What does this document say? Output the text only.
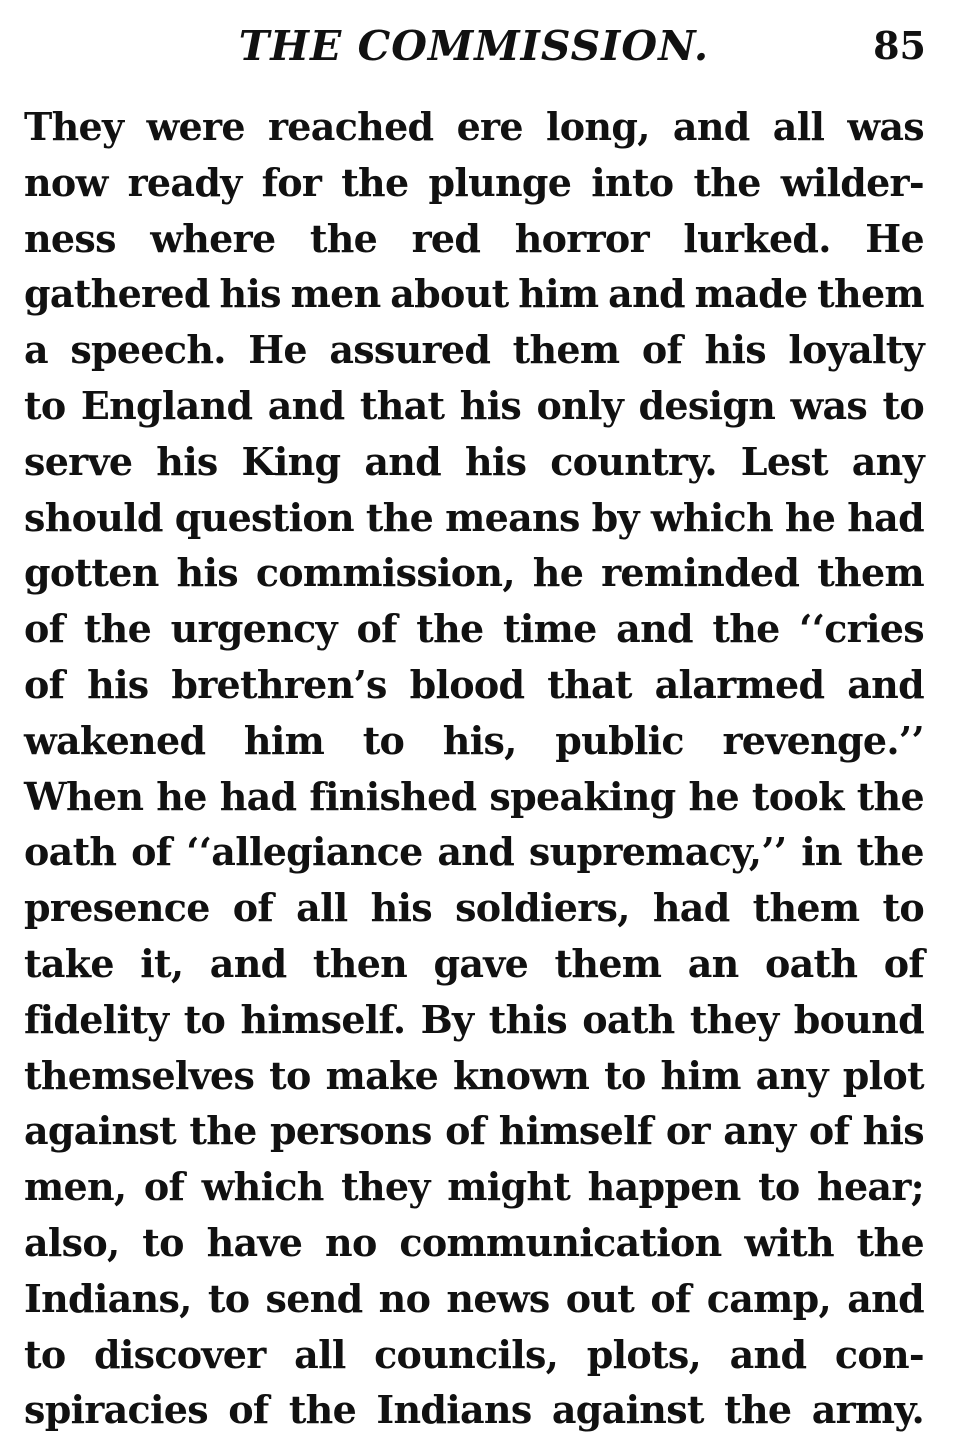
THE COMMISSION.	85
They were reached ere long, and all was
now ready for the plunge into the wilder-
ness where the red horror lurked. He
gathered his men about him and made them
a speech. He assured them of his loyalty
to England and that his only design was to
serve his King and his country. Lest any
should question the means by which he had
gotten his commission, he reminded them
of the urgency of the time and the ‘‘cries
of his brethren’s blood that alarmed and
wakened him to his, public revenge.’’
When he had finished speaking he took the
oath of ‘‘allegiance and supremacy,’’ in the
presence of all his soldiers, had them to
take it, and then gave them an oath of
fidelity to himself. By this oath they bound
themselves to make known to him any plot
against the persons of himself or any of his
men, of which they might happen to hear;
also, to have no communication with the
Indians, to send no news out of camp, and
to discover all councils, plots, and con-
spiracies of the Indians against the army.
